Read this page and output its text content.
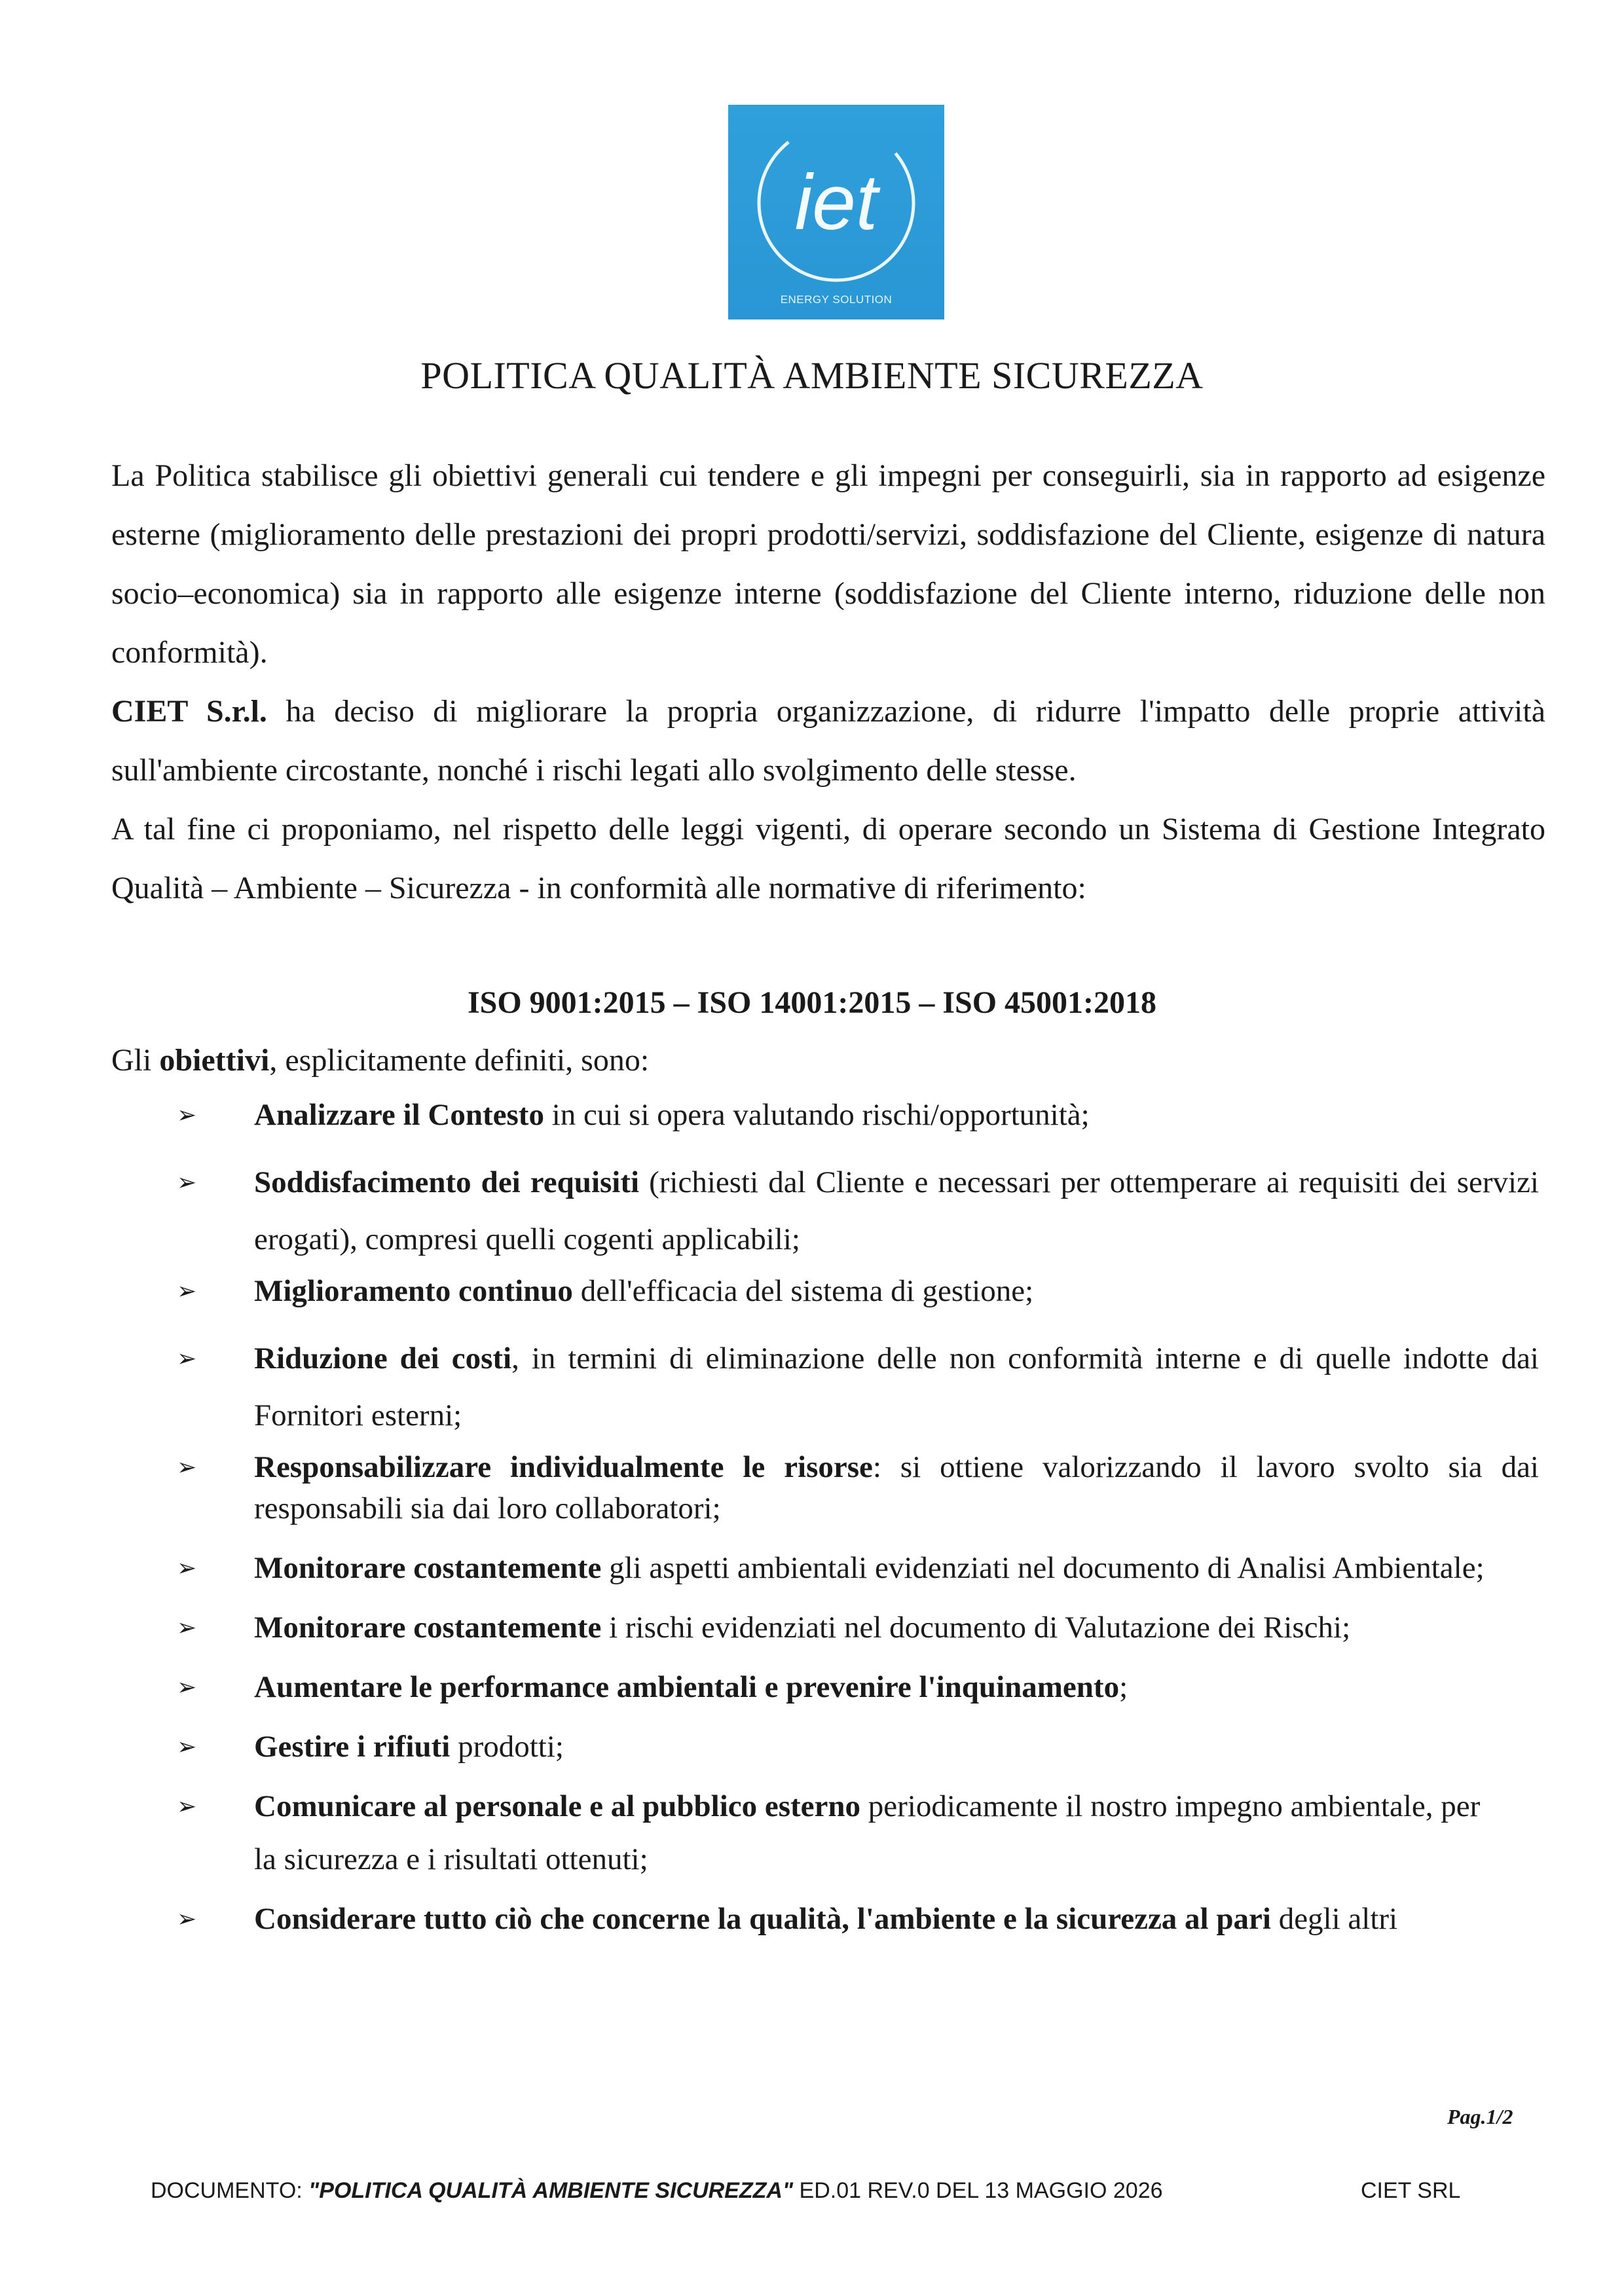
iet
ENERGY SOLUTION
POLITICA QUALITÀ AMBIENTE SICUREZZA

La Politica stabilisce gli obiettivi generali cui tendere e gli impegni per conseguirli, sia in rapporto ad esigenze esterne (miglioramento delle prestazioni dei propri prodotti/servizi, soddisfazione del Cliente, esigenze di natura socio–economica) sia in rapporto alle esigenze interne (soddisfazione del Cliente interno, riduzione delle non conformità).

CIET S.r.l. ha deciso di migliorare la propria organizzazione, di ridurre l'impatto delle proprie attività sull'ambiente circostante, nonché i rischi legati allo svolgimento delle stesse.

A tal fine ci proponiamo, nel rispetto delle leggi vigenti, di operare secondo un Sistema di Gestione Integrato Qualità – Ambiente – Sicurezza - in conformità alle normative di riferimento:

ISO 9001:2015 – ISO 14001:2015 – ISO 45001:2018
Gli obiettivi, esplicitamente definiti, sono:
➢ Analizzare il Contesto in cui si opera valutando rischi/opportunità;
➢ Soddisfacimento dei requisiti (richiesti dal Cliente e necessari per ottemperare ai requisiti dei servizi erogati), compresi quelli cogenti applicabili;
➢ Miglioramento continuo dell'efficacia del sistema di gestione;
➢ Riduzione dei costi, in termini di eliminazione delle non conformità interne e di quelle indotte dai Fornitori esterni;
➢ Responsabilizzare individualmente le risorse: si ottiene valorizzando il lavoro svolto sia dai responsabili sia dai loro collaboratori;
➢ Monitorare costantemente gli aspetti ambientali evidenziati nel documento di Analisi Ambientale;
➢ Monitorare costantemente i rischi evidenziati nel documento di Valutazione dei Rischi;
➢ Aumentare le performance ambientali e prevenire l'inquinamento;
➢ Gestire i rifiuti prodotti;
➢ Comunicare al personale e al pubblico esterno periodicamente il nostro impegno ambientale, per
la sicurezza e i risultati ottenuti;
➢ Considerare tutto ciò che concerne la qualità, l'ambiente e la sicurezza al pari degli altri
Pag.1/2
DOCUMENTO: "POLITICA QUALITÀ AMBIENTE SICUREZZA" ED.01 REV.0 DEL 13 MAGGIO 2026	CIET SRL
